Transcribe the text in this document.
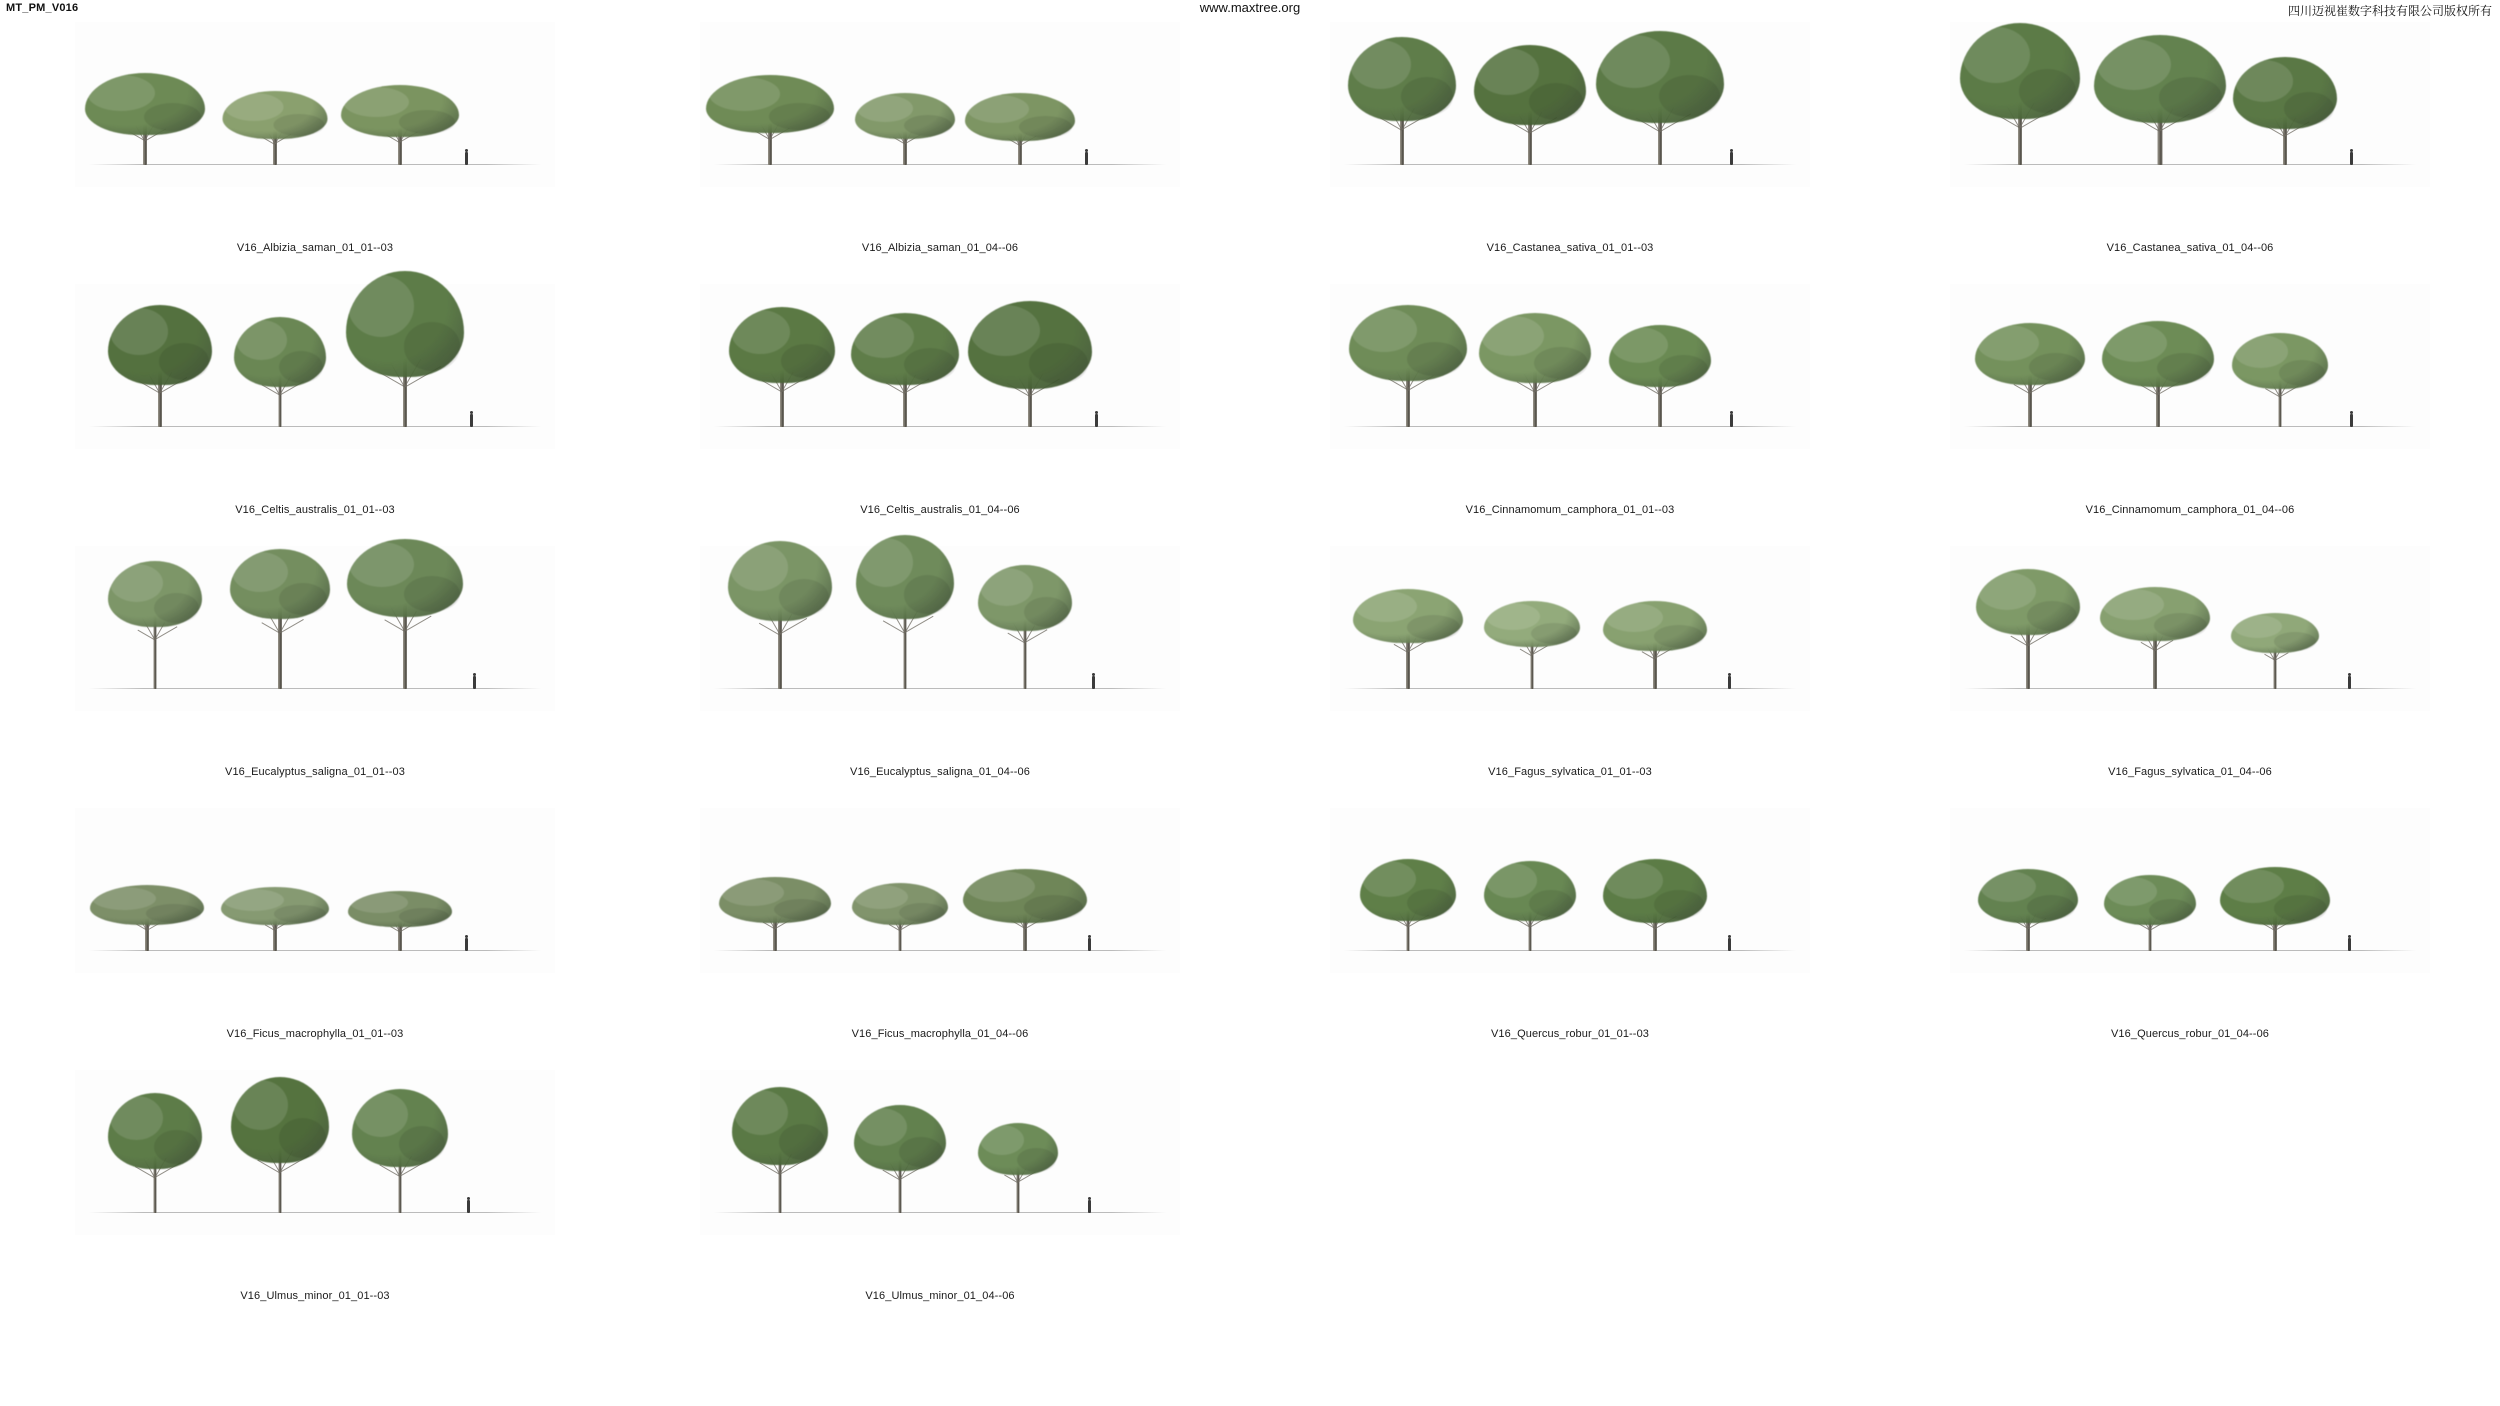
MT_PM_V016	www.maxtree.org	四川迈视崔数字科技有限公司版权所有
V16_Albizia_saman_01_01--03	V16_Albizia_saman_01_04--06	V16_Castanea_sativa_01_01--03	V16_Castanea_sativa_01_04--06
V16_Celtis_australis_01_01--03	V16_Celtis_australis_01_04--06	V16_Cinnamomum_camphora_01_01--03	V16_Cinnamomum_camphora_01_04--06
V16_Eucalyptus_saligna_01_01--03	V16_Eucalyptus_saligna_01_04--06	V16_Fagus_sylvatica_01_01--03	V16_Fagus_sylvatica_01_04--06
V16_Ficus_macrophylla_01_01--03	V16_Ficus_macrophylla_01_04--06	V16_Quercus_robur_01_01--03	V16_Quercus_robur_01_04--06
V16_Ulmus_minor_01_01--03	V16_Ulmus_minor_01_04--06
